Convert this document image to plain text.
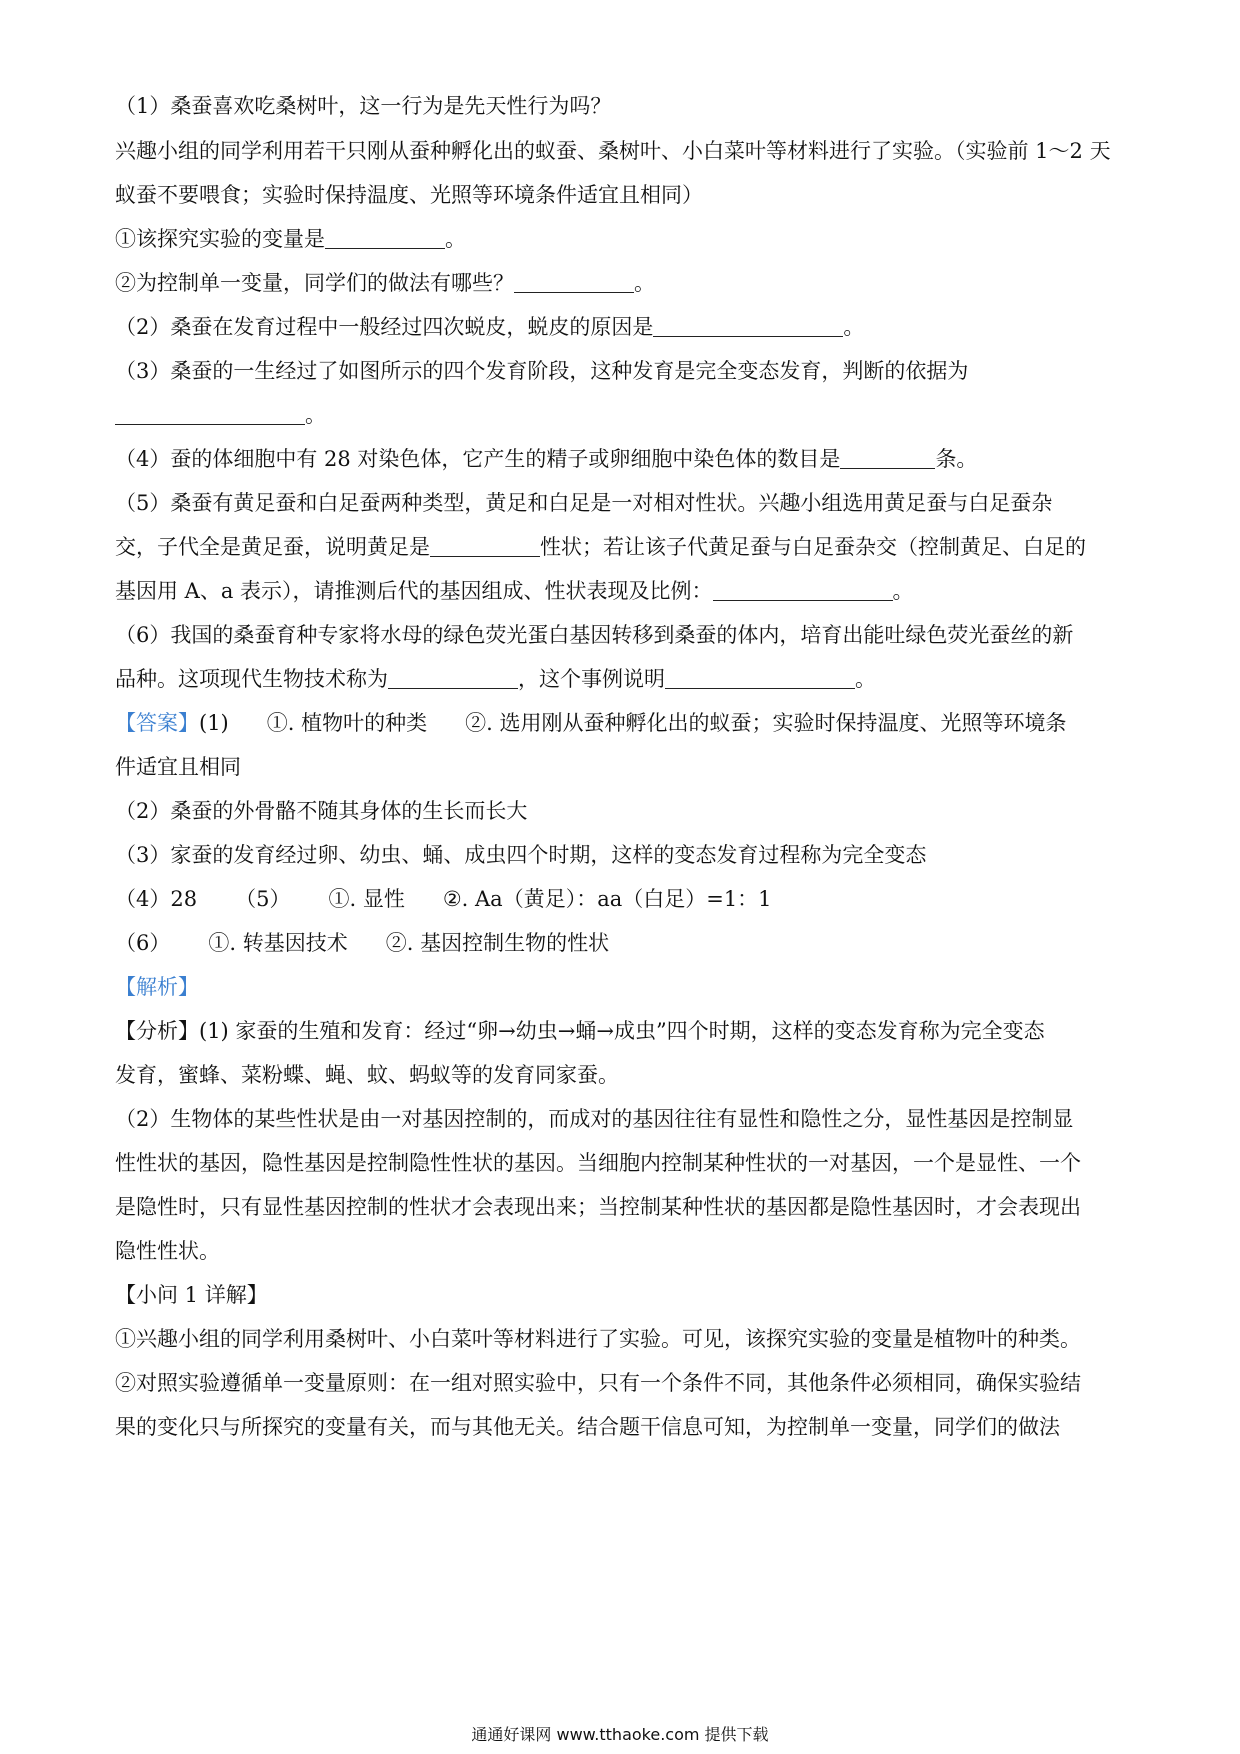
（1）桑蚕喜欢吃桑树叶，这一行为是先天性行为吗？
兴趣小组的同学利用若干只刚从蚕种孵化出的蚁蚕、桑树叶、小白菜叶等材料进行了实验。（实验前 1～2 天
蚁蚕不要喂食；实验时保持温度、光照等环境条件适宜且相同）
①该探究实验的变量是	。
②为控制单一变量，同学们的做法有哪些？	。
（2）桑蚕在发育过程中一般经过四次蜕皮，蜕皮的原因是	。
（3）桑蚕的一生经过了如图所示的四个发育阶段，这种发育是完全变态发育，判断的依据为
。
（4）蚕的体细胞中有 28 对染色体，它产生的精子或卵细胞中染色体的数目是	条。
（5）桑蚕有黄足蚕和白足蚕两种类型，黄足和白足是一对相对性状。兴趣小组选用黄足蚕与白足蚕杂
交，子代全是黄足蚕，说明黄足是	性状；若让该子代黄足蚕与白足蚕杂交（控制黄足、白足的
基因用 A、a 表示），请推测后代的基因组成、性状表现及比例：	。
（6）我国的桑蚕育种专家将水母的绿色荧光蛋白基因转移到桑蚕的体内，培育出能吐绿色荧光蚕丝的新
品种。这项现代生物技术称为	，这个事例说明	。
【答案】(1) ①. 植物叶的种类 ②. 选用刚从蚕种孵化出的蚁蚕；实验时保持温度、光照等环境条
件适宜且相同
（2）桑蚕的外骨骼不随其身体的生长而长大
（3）家蚕的发育经过卵、幼虫、蛹、成虫四个时期，这样的变态发育过程称为完全变态
（4）28 （5） ①. 显性 ②. Aa（黄足）：aa（白足）=1：1
（6） ①. 转基因技术 ②. 基因控制生物的性状
【解析】
【分析】(1) 家蚕的生殖和发育：经过“卵→幼虫→蛹→成虫”四个时期，这样的变态发育称为完全变态
发育，蜜蜂、菜粉蝶、蝇、蚊、蚂蚁等的发育同家蚕。
（2）生物体的某些性状是由一对基因控制的，而成对的基因往往有显性和隐性之分，显性基因是控制显
性性状的基因，隐性基因是控制隐性性状的基因。当细胞内控制某种性状的一对基因，一个是显性、一个
是隐性时，只有显性基因控制的性状才会表现出来；当控制某种性状的基因都是隐性基因时，才会表现出
隐性性状。
【小问 1 详解】
①兴趣小组的同学利用桑树叶、小白菜叶等材料进行了实验。可见，该探究实验的变量是植物叶的种类。
②对照实验遵循单一变量原则：在一组对照实验中，只有一个条件不同，其他条件必须相同，确保实验结
果的变化只与所探究的变量有关，而与其他无关。结合题干信息可知，为控制单一变量，同学们的做法
通通好课网 www.tthaoke.com 提供下载
